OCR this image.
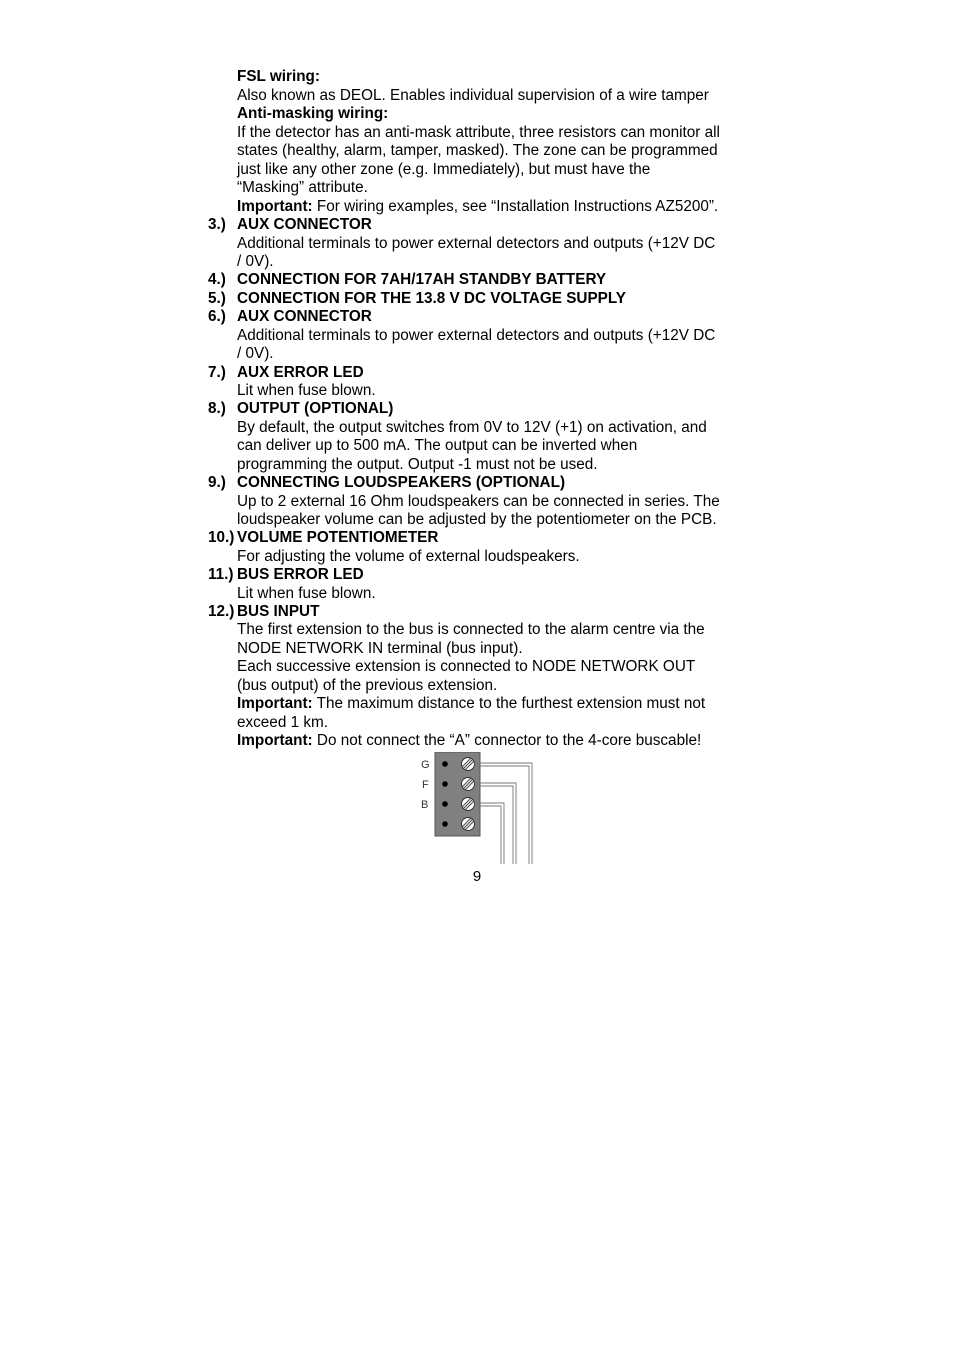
FSL wiring:
Also known as DEOL. Enables individual supervision of a wire tamper
Anti-masking wiring:
If the detector has an anti-mask attribute, three resistors can monitor all
states (healthy, alarm, tamper, masked). The zone can be programmed
just like any other zone (e.g. Immediately), but must have the
“Masking” attribute.
Important: For wiring examples, see “Installation Instructions AZ5200”.
3.) AUX CONNECTOR
Additional terminals to power external detectors and outputs (+12V DC
/ 0V).
4.) CONNECTION FOR 7AH/17AH STANDBY BATTERY
5.) CONNECTION FOR THE 13.8 V DC VOLTAGE SUPPLY
6.) AUX CONNECTOR
Additional terminals to power external detectors and outputs (+12V DC
/ 0V).
7.) AUX ERROR LED
Lit when fuse blown.
8.) OUTPUT (OPTIONAL)
By default, the output switches from 0V to 12V (+1) on activation, and
can deliver up to 500 mA. The output can be inverted when
programming the output. Output -1 must not be used.
9.) CONNECTING LOUDSPEAKERS (OPTIONAL)
Up to 2 external 16 Ohm loudspeakers can be connected in series. The
loudspeaker volume can be adjusted by the potentiometer on the PCB.
10.) VOLUME POTENTIOMETER
For adjusting the volume of external loudspeakers.
11.) BUS ERROR LED
Lit when fuse blown.
12.) BUS INPUT
The first extension to the bus is connected to the alarm centre via the
NODE NETWORK IN terminal (bus input).
Each successive extension is connected to NODE NETWORK OUT
(bus output) of the previous extension.
Important: The maximum distance to the furthest extension must not
exceed 1 km.
Important: Do not connect the “A” connector to the 4-core buscable!
G
F
B
9
